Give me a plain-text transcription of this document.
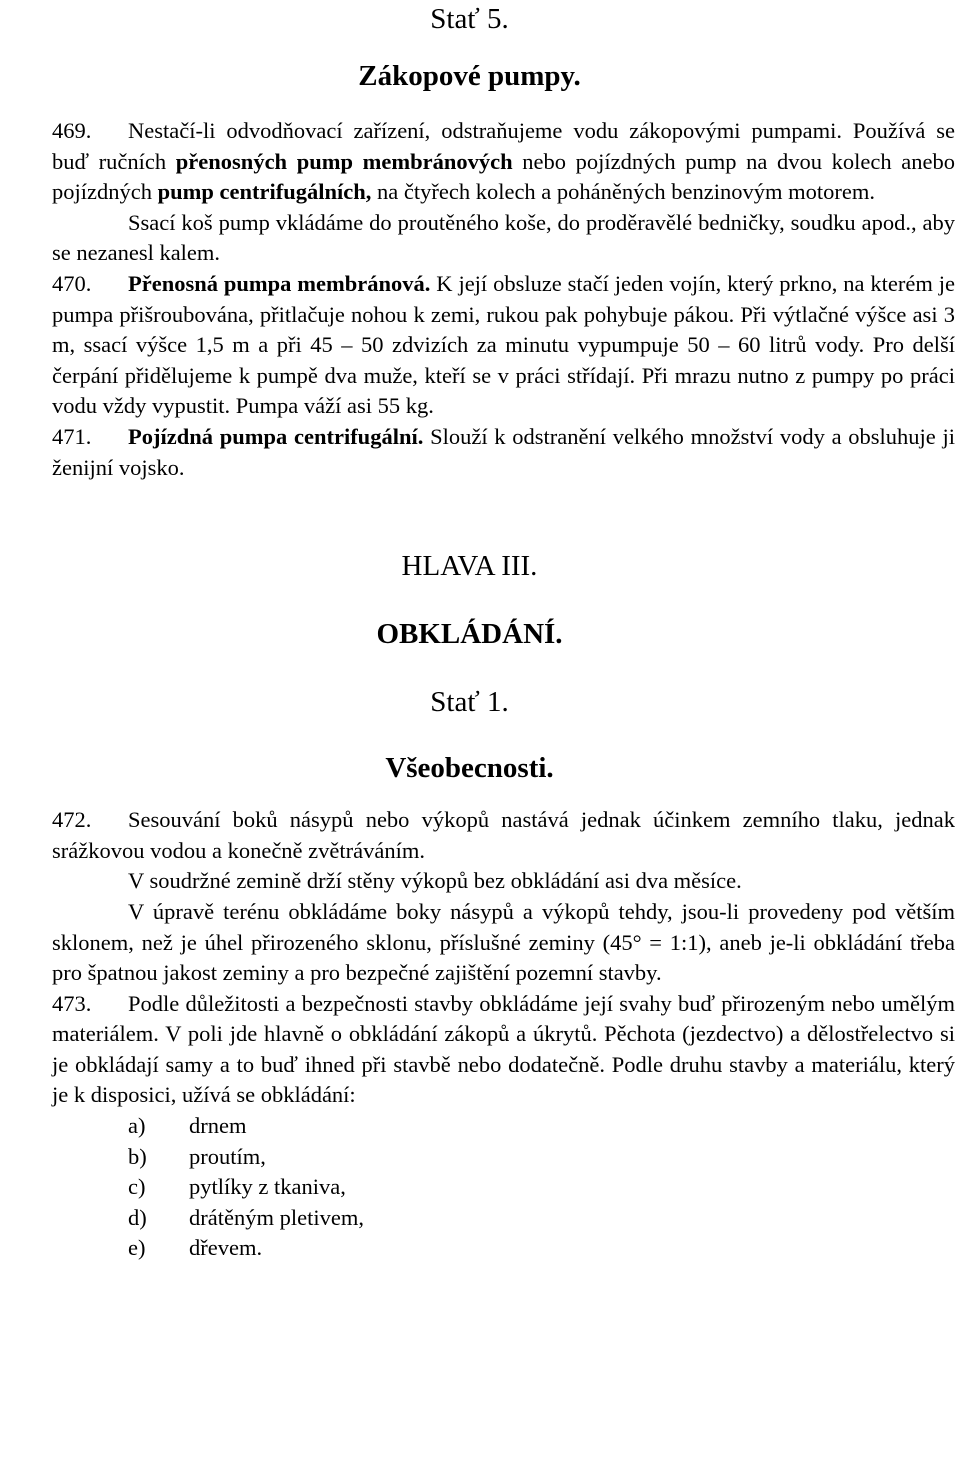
Stať 5.
Zákopové pumpy.

469. Nestačí-li odvodňovací zařízení, odstraňujeme vodu zákopovými pumpami. Používá se buď ručních přenosných pump membránových nebo pojízdných pump na dvou kolech anebo pojízdných pump centrifugálních, na čtyřech kolech a poháněných benzinovým motorem.

Ssací koš pump vkládáme do proutěného koše, do proděravělé bedničky, soudku apod., aby se nezanesl kalem.

470. Přenosná pumpa membránová. K její obsluze stačí jeden vojín, který prkno, na kterém je pumpa přišroubována, přitlačuje nohou k zemi, rukou pak pohybuje pákou. Při výtlačné výšce asi 3 m, ssací výšce 1,5 m a při 45 – 50 zdvizích za minutu vypumpuje 50 – 60 litrů vody. Pro delší čerpání přidělujeme k pumpě dva muže, kteří se v práci střídají. Při mrazu nutno z pumpy po práci vodu vždy vypustit. Pumpa váží asi 55 kg.

471. Pojízdná pumpa centrifugální. Slouží k odstranění velkého množství vody a obsluhuje ji ženijní vojsko.

HLAVA III.
OBKLÁDÁNÍ.
Stať 1.
Všeobecnosti.

472. Sesouvání boků násypů nebo výkopů nastává jednak účinkem zemního tlaku, jednak srážkovou vodou a konečně zvětráváním.

V soudržné zemině drží stěny výkopů bez obkládání asi dva měsíce.

V úpravě terénu obkládáme boky násypů a výkopů tehdy, jsou-li provedeny pod větším sklonem, než je úhel přirozeného sklonu, příslušné zeminy (45° = 1:1), aneb je-li obkládání třeba pro špatnou jakost zeminy a pro bezpečné zajištění pozemní stavby.

473. Podle důležitosti a bezpečnosti stavby obkládáme její svahy buď přirozeným nebo umělým materiálem. V poli jde hlavně o obkládání zákopů a úkrytů. Pěchota (jezdectvo) a dělostřelectvo si je obkládají samy a to buď ihned při stavbě nebo dodatečně. Podle druhu stavby a materiálu, který je k disposici, užívá se obkládání:

a) drnem
b) proutím,
c) pytlíky z tkaniva,
d) drátěným pletivem,
e) dřevem.
